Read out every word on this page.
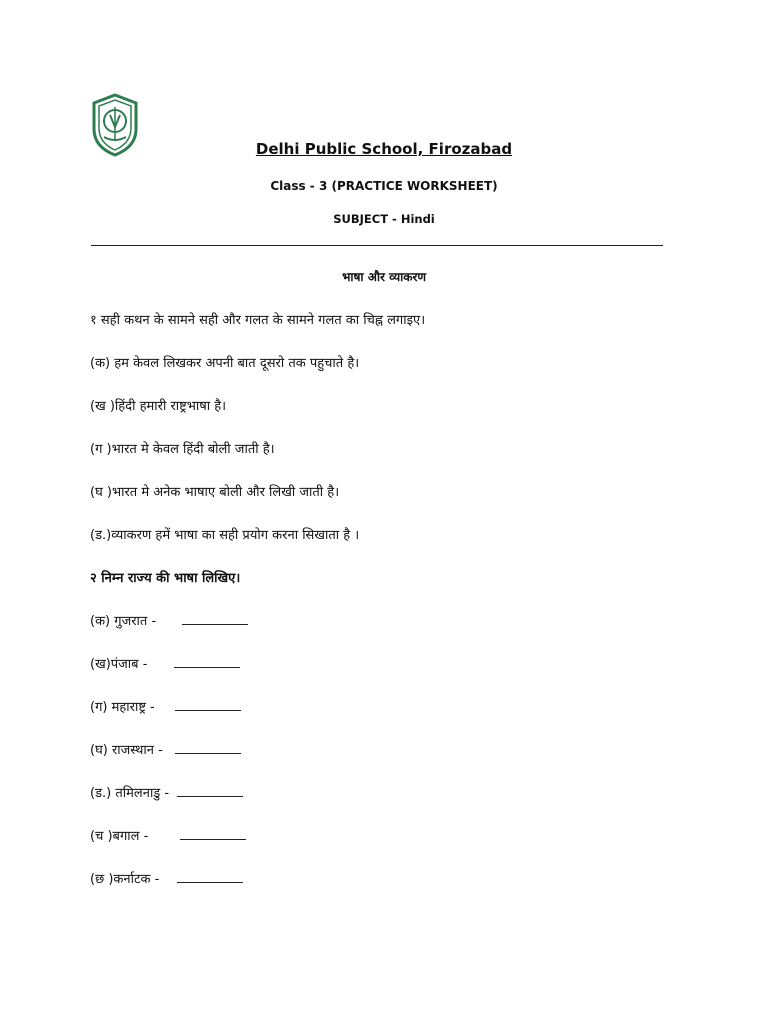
Delhi Public School, Firozabad
Class - 3 (PRACTICE WORKSHEET)
SUBJECT - Hindi
भाषा और व्याकरण
१ सही कथन के सामने सही और गलत के सामने गलत का चिह्न लगाइए।
(क) हम केवल लिखकर अपनी बात दूसरो तक पहुचाते है।
(ख )हिंदी हमारी राष्ट्रभाषा है।
(ग )भारत मे केवल हिंदी बोली जाती है।
(घ )भारत मे अनेक भाषाए बोली और लिखी जाती है।
(ड.)व्याकरण हमें भाषा का सही प्रयोग करना सिखाता है ।
२ निम्न राज्य की भाषा लिखिए।
(क) गुजरात -
(ख)पंजाब -
(ग) महाराष्ट्र -
(घ) राजस्थान -
(ड.) तमिलनाडु -
(च )बगाल -
(छ )कर्नाटक -
